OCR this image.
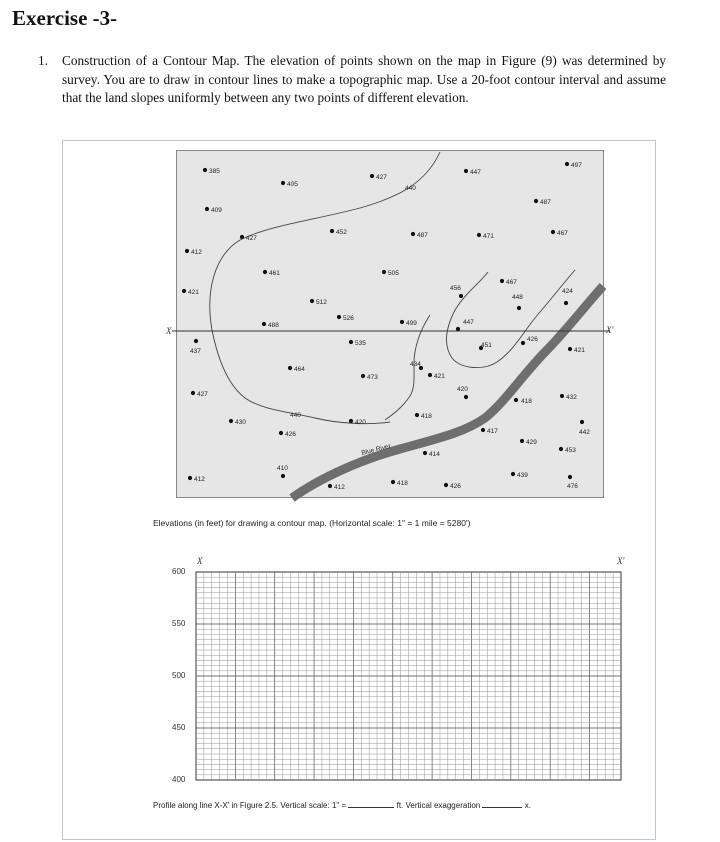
Exercise -3-
1. Construction of a Contour Map. The elevation of points shown on the map in Figure (9) was determined by survey. You are to draw in contour lines to make a topographic map. Use a 20-foot contour interval and assume that the land slopes uniformly between any two points of different elevation.
Blue River
X	X'
385
405
427
447
497
409
487
427
452	487	471	467
412
461	505
467
421
456
448
424
512
526
488	499	447
437
535	451
426
421
464
434
473	421
427
420
418
432
430	420
418
426	417	442
429
453
414
410
412
439
412
418	426	476
440
440
Elevations (in feet) for drawing a contour map. (Horizontal scale: 1" = 1 mile = 5280')
X	X'
600
550
500
450
400
Profile along line X-X' in Figure 2.5. Vertical scale: 1" =	ft. Vertical exaggeration	x.
